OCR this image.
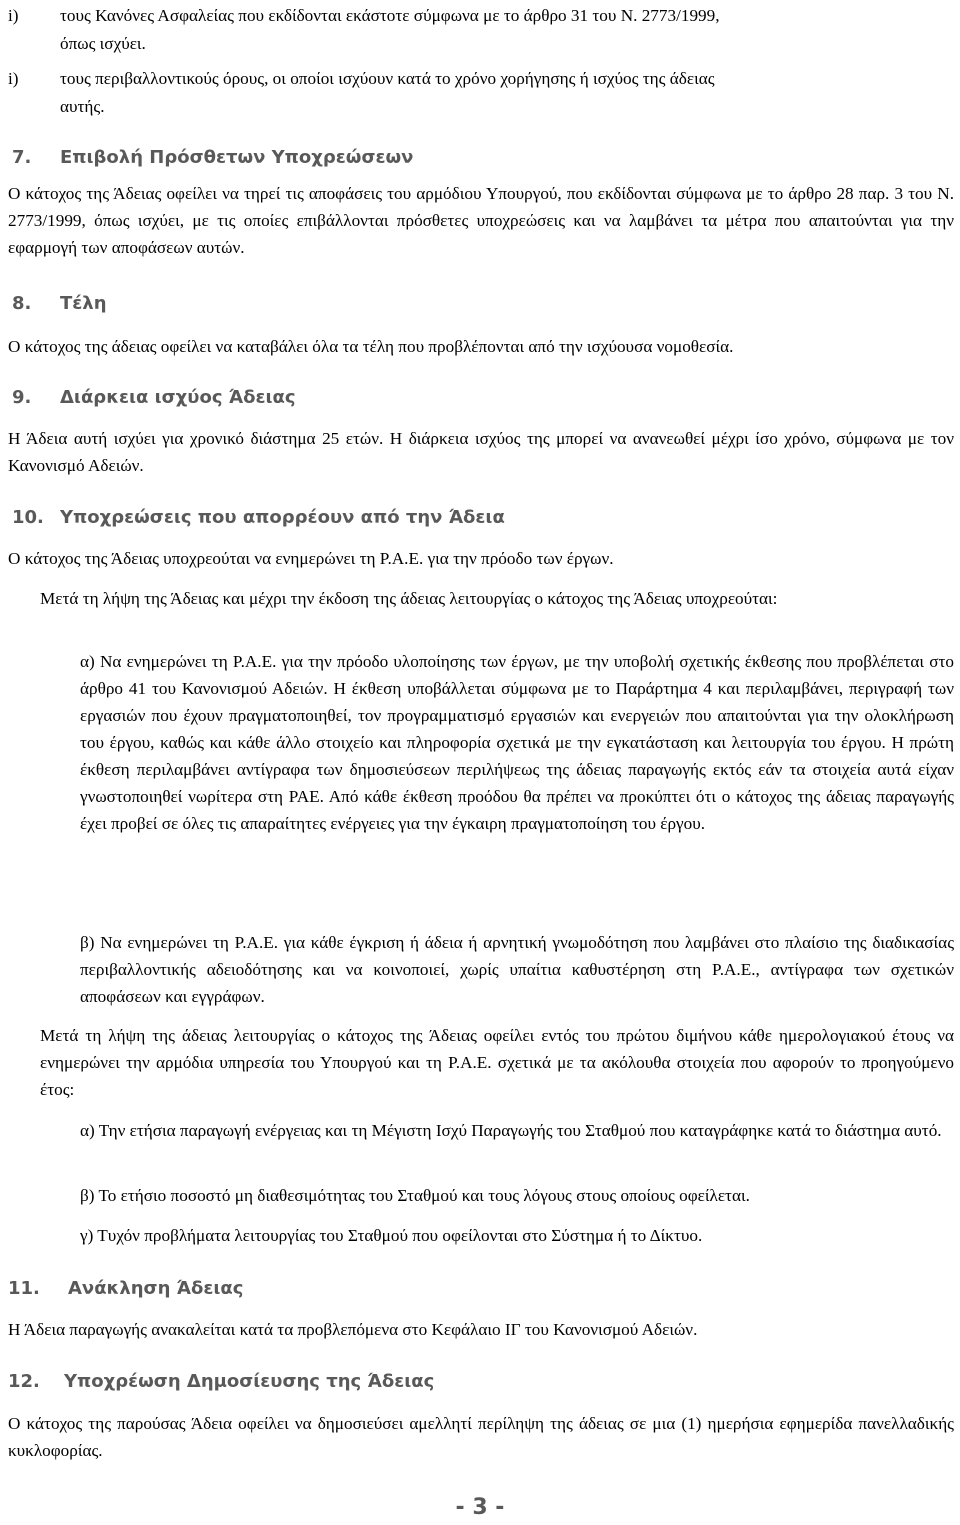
i) τους Κανόνες Ασφαλείας που εκδίδονται εκάστοτε σύμφωνα με το άρθρο 31 του Ν. 2773/1999,
όπως ισχύει.
i) τους περιβαλλοντικούς όρους, οι οποίοι ισχύουν κατά το χρόνο χορήγησης ή ισχύος της άδειας
αυτής.
7. Επιβολή Πρόσθετων Υποχρεώσεων

Ο κάτοχος της Άδειας οφείλει να τηρεί τις αποφάσεις του αρμόδιου Υπουργού, που εκδίδονται σύμφωνα με το άρθρο 28 παρ. 3 του Ν. 2773/1999, όπως ισχύει, με τις οποίες επιβάλλονται πρόσθετες υποχρεώσεις και να λαμβάνει τα μέτρα που απαιτούνται για την εφαρμογή των αποφάσεων αυτών.

8. Τέλη

Ο κάτοχος της άδειας οφείλει να καταβάλει όλα τα τέλη που προβλέπονται από την ισχύουσα νομοθεσία.

9. Διάρκεια ισχύος Άδειας

Η Άδεια αυτή ισχύει για χρονικό διάστημα 25 ετών. Η διάρκεια ισχύος της μπορεί να ανανεωθεί μέχρι ίσο χρόνο, σύμφωνα με τον Κανονισμό Αδειών.

10. Υποχρεώσεις που απορρέουν από την Άδεια

Ο κάτοχος της Άδειας υποχρεούται να ενημερώνει τη Ρ.Α.Ε. για την πρόοδο των έργων.

Μετά τη λήψη της Άδειας και μέχρι την έκδοση της άδειας λειτουργίας ο κάτοχος της Άδειας υποχρεούται:

α) Να ενημερώνει τη Ρ.Α.Ε. για την πρόοδο υλοποίησης των έργων, με την υποβολή σχετικής έκθεσης που προβλέπεται στο άρθρο 41 του Κανονισμού Αδειών. Η έκθεση υποβάλλεται σύμφωνα με το Παράρτημα 4 και περιλαμβάνει, περιγραφή των εργασιών που έχουν πραγματοποιηθεί, τον προγραμματισμό εργασιών και ενεργειών που απαιτούνται για την ολοκλήρωση του έργου, καθώς και κάθε άλλο στοιχείο και πληροφορία σχετικά με την εγκατάσταση και λειτουργία του έργου. Η πρώτη έκθεση περιλαμβάνει αντίγραφα των δημοσιεύσεων περιλήψεως της άδειας παραγωγής εκτός εάν τα στοιχεία αυτά είχαν γνωστοποιηθεί νωρίτερα στη ΡΑΕ. Από κάθε έκθεση προόδου θα πρέπει να προκύπτει ότι ο κάτοχος της άδειας παραγωγής έχει προβεί σε όλες τις απαραίτητες ενέργειες για την έγκαιρη πραγματοποίηση του έργου.

β) Να ενημερώνει τη Ρ.Α.Ε. για κάθε έγκριση ή άδεια ή αρνητική γνωμοδότηση που λαμβάνει στο πλαίσιο της διαδικασίας περιβαλλοντικής αδειοδότησης και να κοινοποιεί, χωρίς υπαίτια καθυστέρηση στη Ρ.Α.Ε., αντίγραφα των σχετικών αποφάσεων και εγγράφων.

Μετά τη λήψη της άδειας λειτουργίας ο κάτοχος της Άδειας οφείλει εντός του πρώτου διμήνου κάθε ημερολογιακού έτους να ενημερώνει την αρμόδια υπηρεσία του Υπουργού και τη Ρ.Α.Ε. σχετικά με τα ακόλουθα στοιχεία που αφορούν το προηγούμενο έτος:

α) Την ετήσια παραγωγή ενέργειας και τη Μέγιστη Ισχύ Παραγωγής του Σταθμού που καταγράφηκε κατά το διάστημα αυτό.

β) Το ετήσιο ποσοστό μη διαθεσιμότητας του Σταθμού και τους λόγους στους οποίους οφείλεται.

γ) Τυχόν προβλήματα λειτουργίας του Σταθμού που οφείλονται στο Σύστημα ή το Δίκτυο.

11. Ανάκληση Άδειας

Η Άδεια παραγωγής ανακαλείται κατά τα προβλεπόμενα στο Κεφάλαιο ΙΓ του Κανονισμού Αδειών.

12. Υποχρέωση Δημοσίευσης της Άδειας

Ο κάτοχος της παρούσας Άδεια οφείλει να δημοσιεύσει αμελλητί περίληψη της άδειας σε μια (1) ημερήσια εφημερίδα πανελλαδικής κυκλοφορίας.

- 3 -
